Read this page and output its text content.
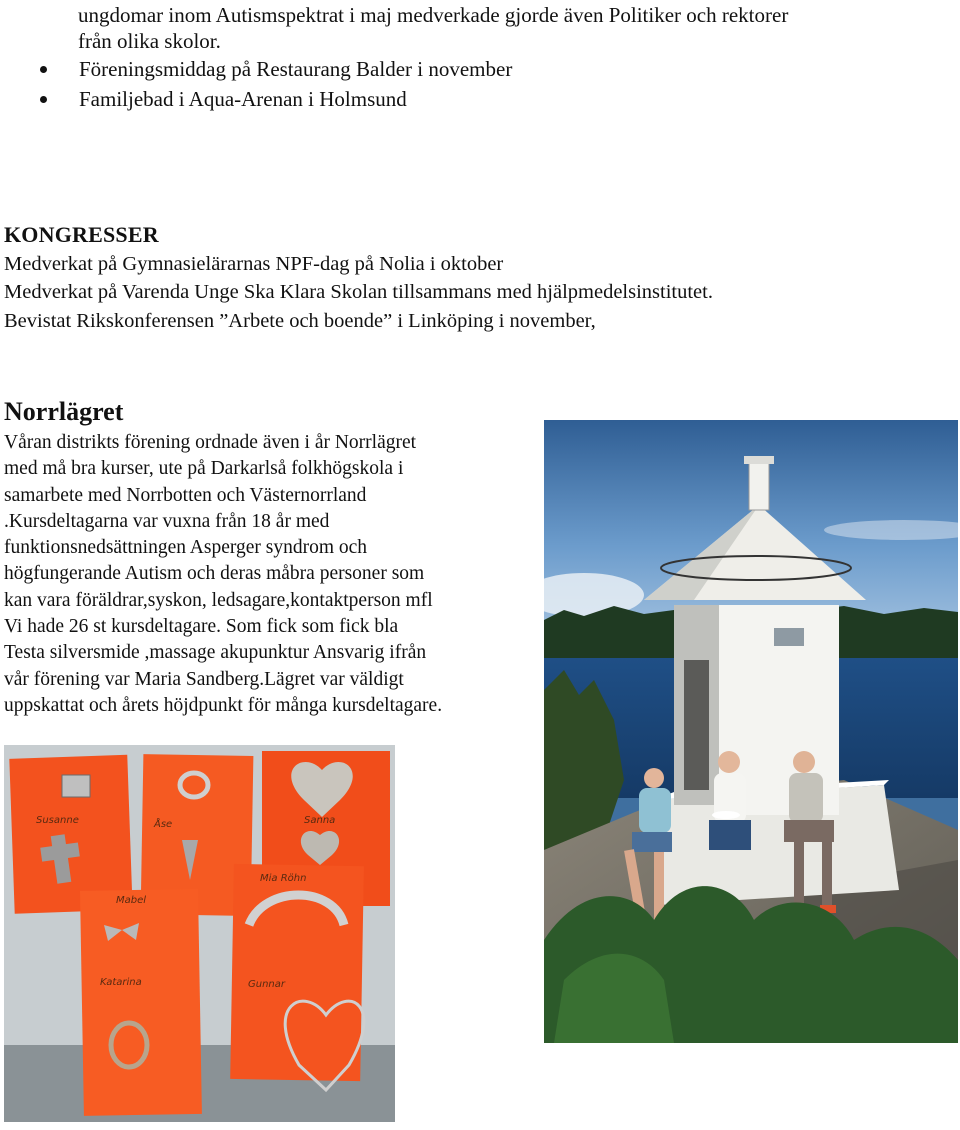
ungdomar inom Autismspektrat i maj medverkade gjorde även Politiker och rektorer
från olika skolor.
Föreningsmiddag på Restaurang Balder i november
Familjebad i Aqua-Arenan i Holmsund
KONGRESSER
Medverkat på Gymnasielärarnas NPF-dag på Nolia i oktober
Medverkat på Varenda Unge Ska Klara Skolan tillsammans med hjälpmedelsinstitutet.
Bevistat Rikskonferensen ”Arbete och boende” i Linköping i november,
Norrlägret
Våran distrikts förening ordnade även i år Norrlägret
med må bra kurser, ute på Darkarlså folkhögskola i
samarbete med Norrbotten och Västernorrland
.Kursdeltagarna var vuxna från 18 år med
funktionsnedsättningen Asperger syndrom och
högfungerande Autism och deras måbra personer som
kan vara föräldrar,syskon, ledsagare,kontaktperson mfl
Vi hade 26 st kursdeltagare. Som fick som fick bla
Testa silversmide ,massage akupunktur Ansvarig ifrån
vår förening var Maria Sandberg.Lägret var väldigt
uppskattat och årets höjdpunkt för många kursdeltagare.
Susanne	Åse	Sanna
Mabel
Mia Röhn
Katarina	Gunnar
